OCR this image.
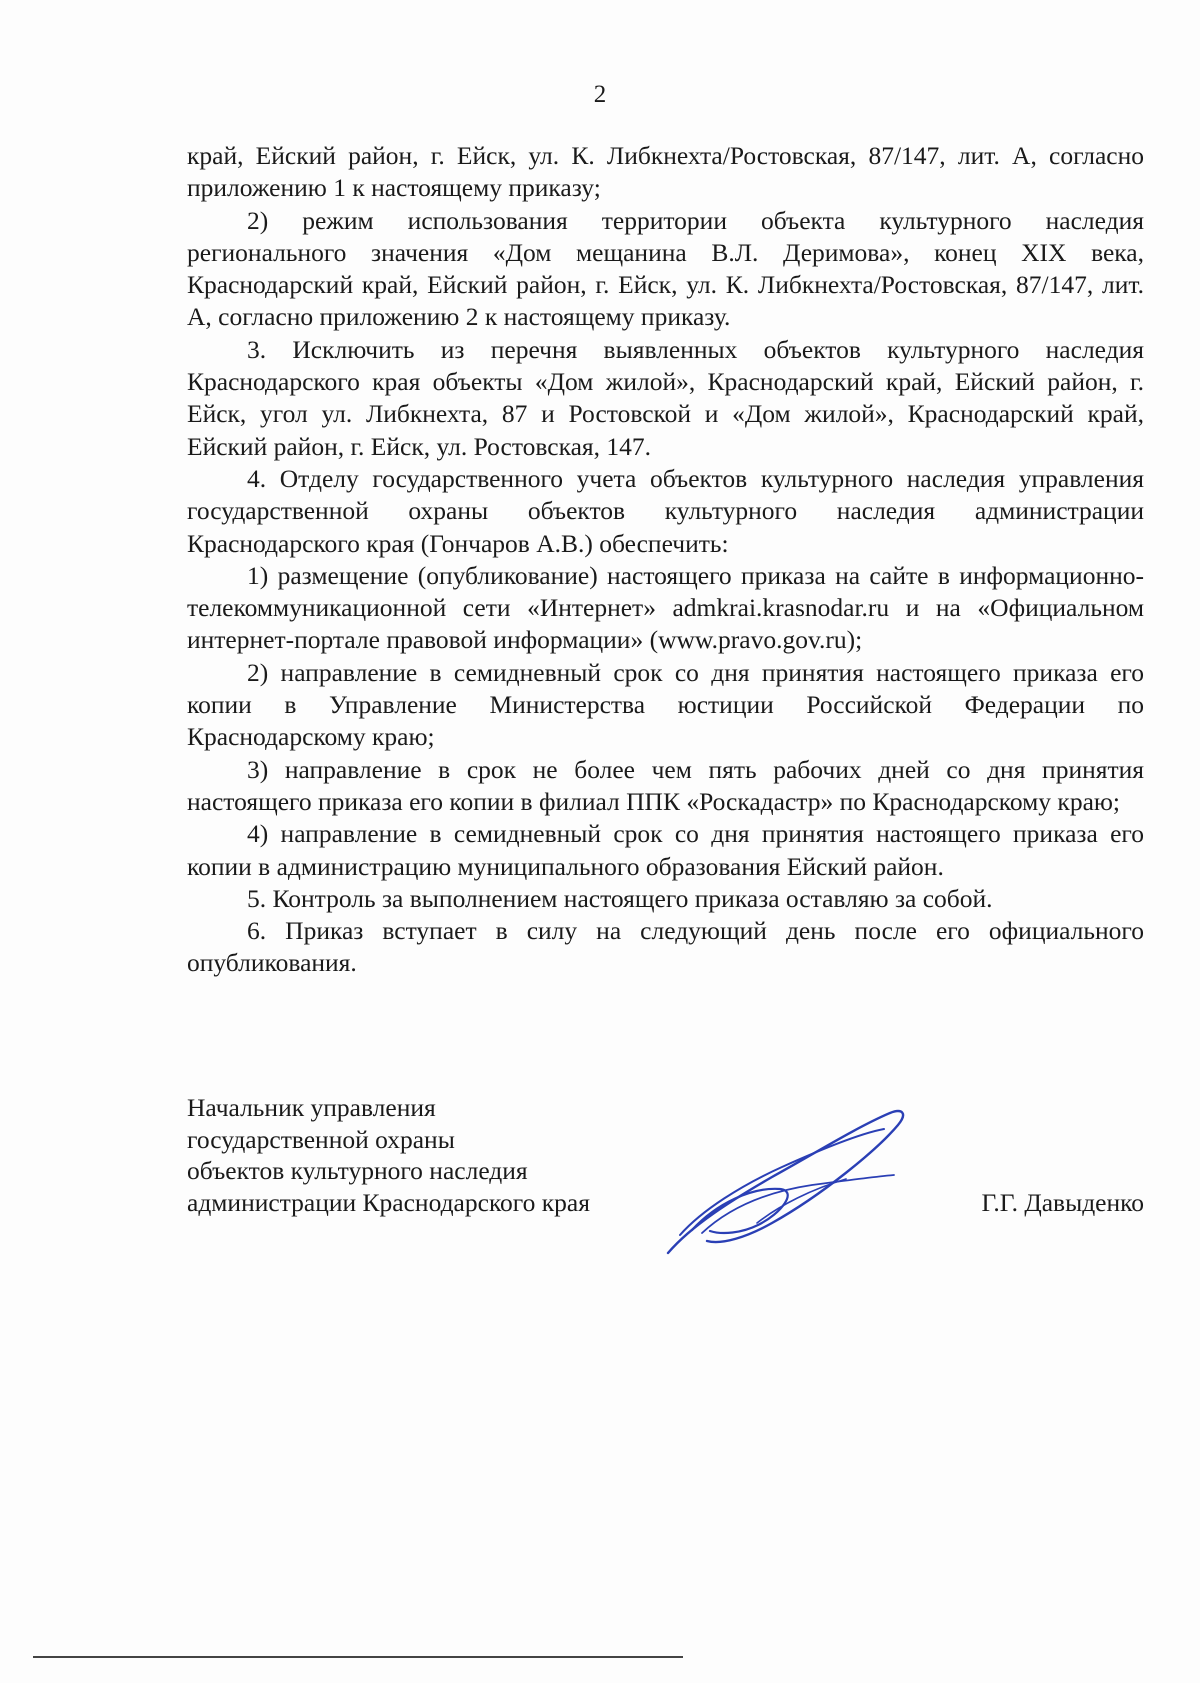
2

край, Ейский район, г. Ейск, ул. К. Либкнехта/Ростовская, 87/147, лит. А, согласно приложению 1 к настоящему приказу;

2) режим использования территории объекта культурного наследия регионального значения «Дом мещанина В.Л. Деримова», конец XIX века, Краснодарский край, Ейский район, г. Ейск, ул. К. Либкнехта/Ростовская, 87/147, лит. А, согласно приложению 2 к настоящему приказу.

3. Исключить из перечня выявленных объектов культурного наследия Краснодарского края объекты «Дом жилой», Краснодарский край, Ейский район, г. Ейск, угол ул. Либкнехта, 87 и Ростовской и «Дом жилой», Краснодарский край, Ейский район, г. Ейск, ул. Ростовская, 147.

4. Отделу государственного учета объектов культурного наследия управления государственной охраны объектов культурного наследия администрации Краснодарского края (Гончаров А.В.) обеспечить:

1) размещение (опубликование) настоящего приказа на сайте в информационно-телекоммуникационной сети «Интернет» admkrai.krasnodar.ru и на «Официальном интернет-портале правовой информации» (www.pravo.gov.ru);

2) направление в семидневный срок со дня принятия настоящего приказа его копии в Управление Министерства юстиции Российской Федерации по Краснодарскому краю;

3) направление в срок не более чем пять рабочих дней со дня принятия настоящего приказа его копии в филиал ППК «Роскадастр» по Краснодарскому краю;

4) направление в семидневный срок со дня принятия настоящего приказа его копии в администрацию муниципального образования Ейский район.

5. Контроль за выполнением настоящего приказа оставляю за собой.

6. Приказ вступает в силу на следующий день после его официального опубликования.

Начальник управления
государственной охраны
объектов культурного наследия
администрации Краснодарского края	Г.Г. Давыденко
